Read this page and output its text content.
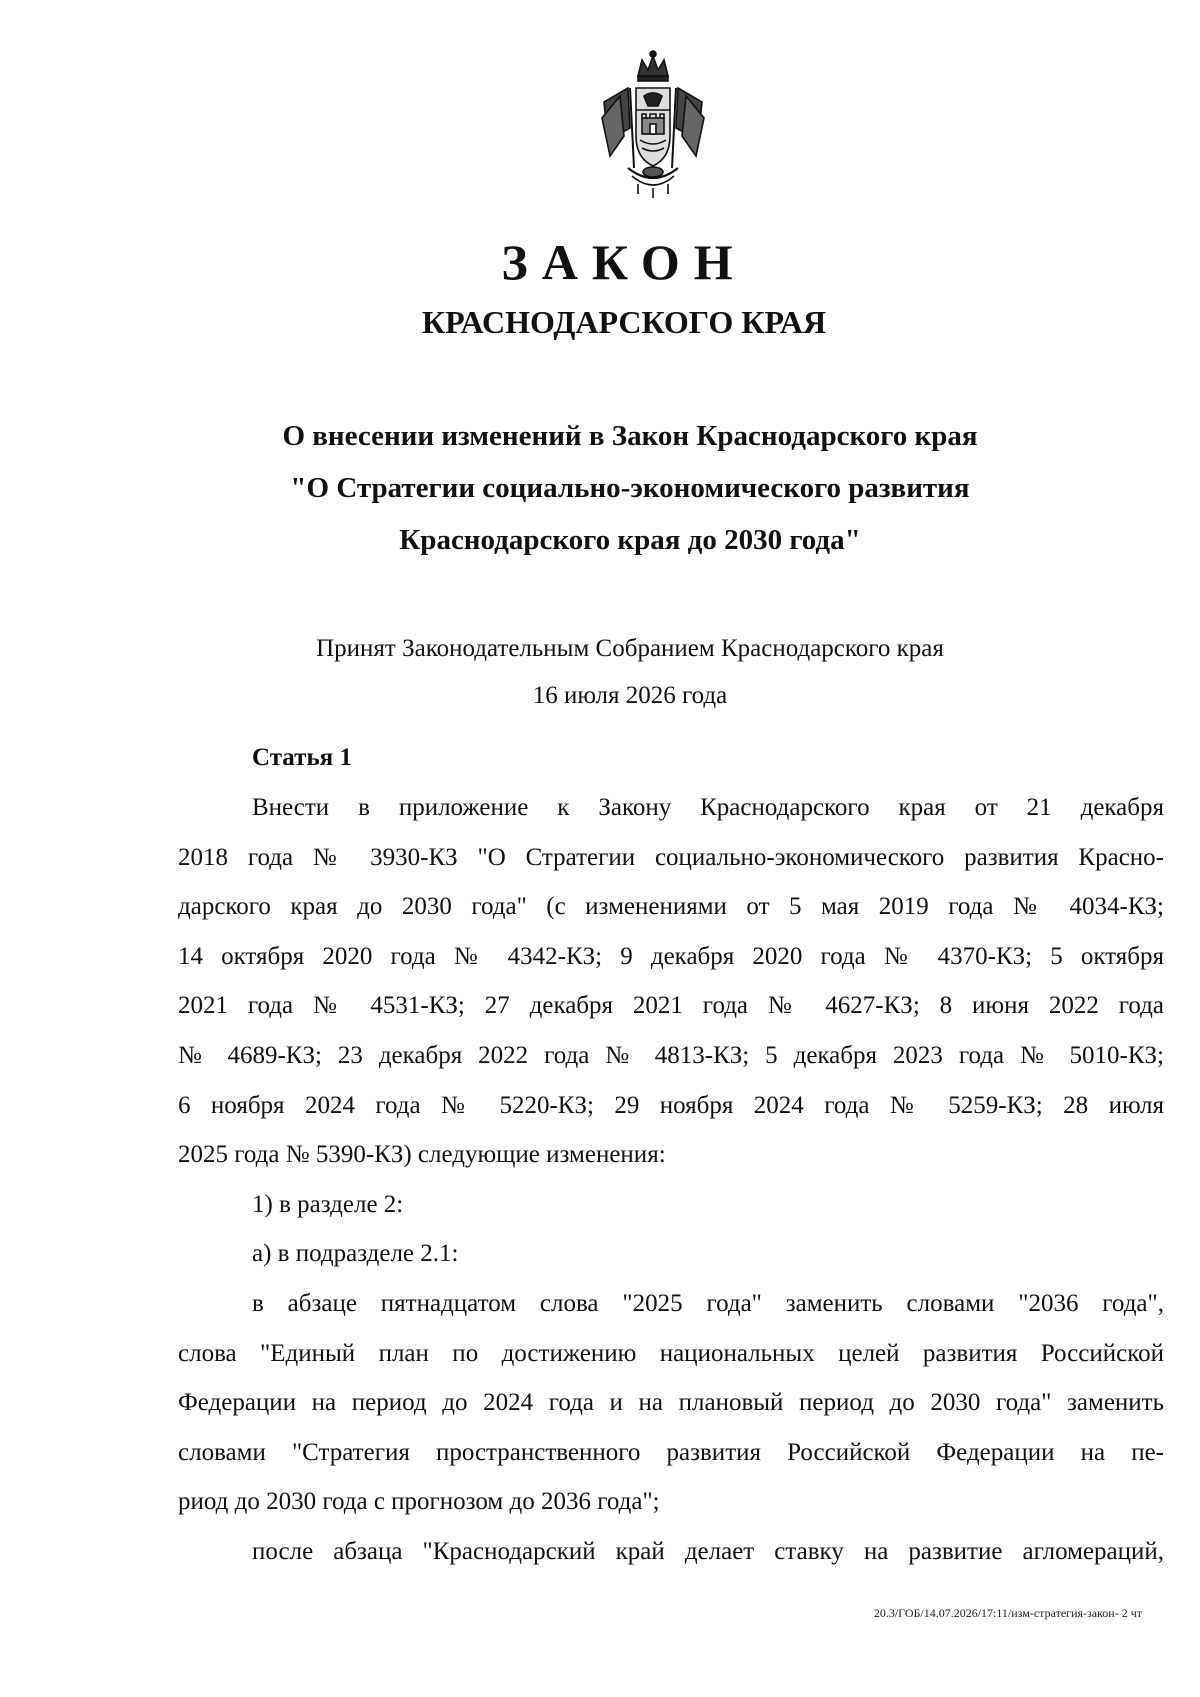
ЗАКОН
КРАСНОДАРСКОГО КРАЯ
О внесении изменений в Закон Краснодарского края
"О Стратегии социально-экономического развития
Краснодарского края до 2030 года"
Принят Законодательным Собранием Краснодарского края
16 июля 2026 года
Статья 1

Внести в приложение к Закону Краснодарского края от 21 декабря
2018 года № 3930-КЗ "О Стратегии социально-экономического развития Красно-
дарского края до 2030 года" (с изменениями от 5 мая 2019 года № 4034-КЗ;
14 октября 2020 года № 4342-КЗ; 9 декабря 2020 года № 4370-КЗ; 5 октября
2021 года № 4531-КЗ; 27 декабря 2021 года № 4627-КЗ; 8 июня 2022 года
№ 4689-КЗ; 23 декабря 2022 года № 4813-КЗ; 5 декабря 2023 года № 5010-КЗ;
6 ноября 2024 года № 5220-КЗ; 29 ноября 2024 года № 5259-КЗ; 28 июля
2025 года № 5390-КЗ) следующие изменения:

1) в разделе 2:

а) в подразделе 2.1:

в абзаце пятнадцатом слова "2025 года" заменить словами "2036 года",
слова "Единый план по достижению национальных целей развития Российской
Федерации на период до 2024 года и на плановый период до 2030 года" заменить
словами "Стратегия пространственного развития Российской Федерации на пе-
риод до 2030 года с прогнозом до 2036 года";

после абзаца "Краснодарский край делает ставку на развитие агломераций,

20.3/ГОБ/14.07.2026/17:11/изм-стратегия-закон- 2 чт
